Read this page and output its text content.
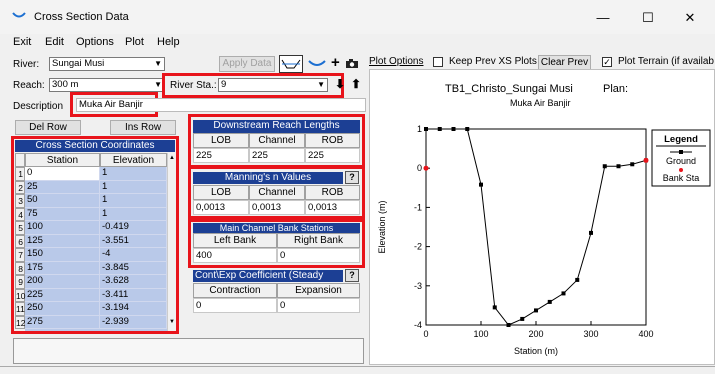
Cross Section Data	—	☐	✕
Exit Edit Options Plot Help
River:	Sungai Musi	▼	Apply Data	+
Reach: 300 m	▼ River Sta.: 9	▼ ⬇ ⬆
Description	Muka Air Banjir
Del Row	Ins Row
Cross Section Coordinates
Station	Elevation	▲
▼
1 0	1
2 25	1
3 50	1
4 75	1
5 100	-0.419
6 125	-3.551
7 150	-4
8 175	-3.845
9 200	-3.628
10 225	-3.411
11 250	-3.194
12 275	-2.939
Downstream Reach Lengths
LOB	Channel	ROB
225	225	225
Manning's n Values	?
LOB	Channel	ROB
0,0013	0,0013	0,0013
Main Channel Bank Stations
Left Bank	Right Bank
400	0
Cont\Exp Coefficient (Steady	?
Contraction	Expansion
0	0
Plot Options	Keep Prev XS Plots Clear Prev	✓ Plot Terrain (if availab
TB1_Christo_Sungai Musi	Plan:
Muka Air Banjir
0	100	200	300	400
1
0
-1
-2
-3
-4
Station (m)
Elevation (m)
Legend
Ground
Bank Sta
